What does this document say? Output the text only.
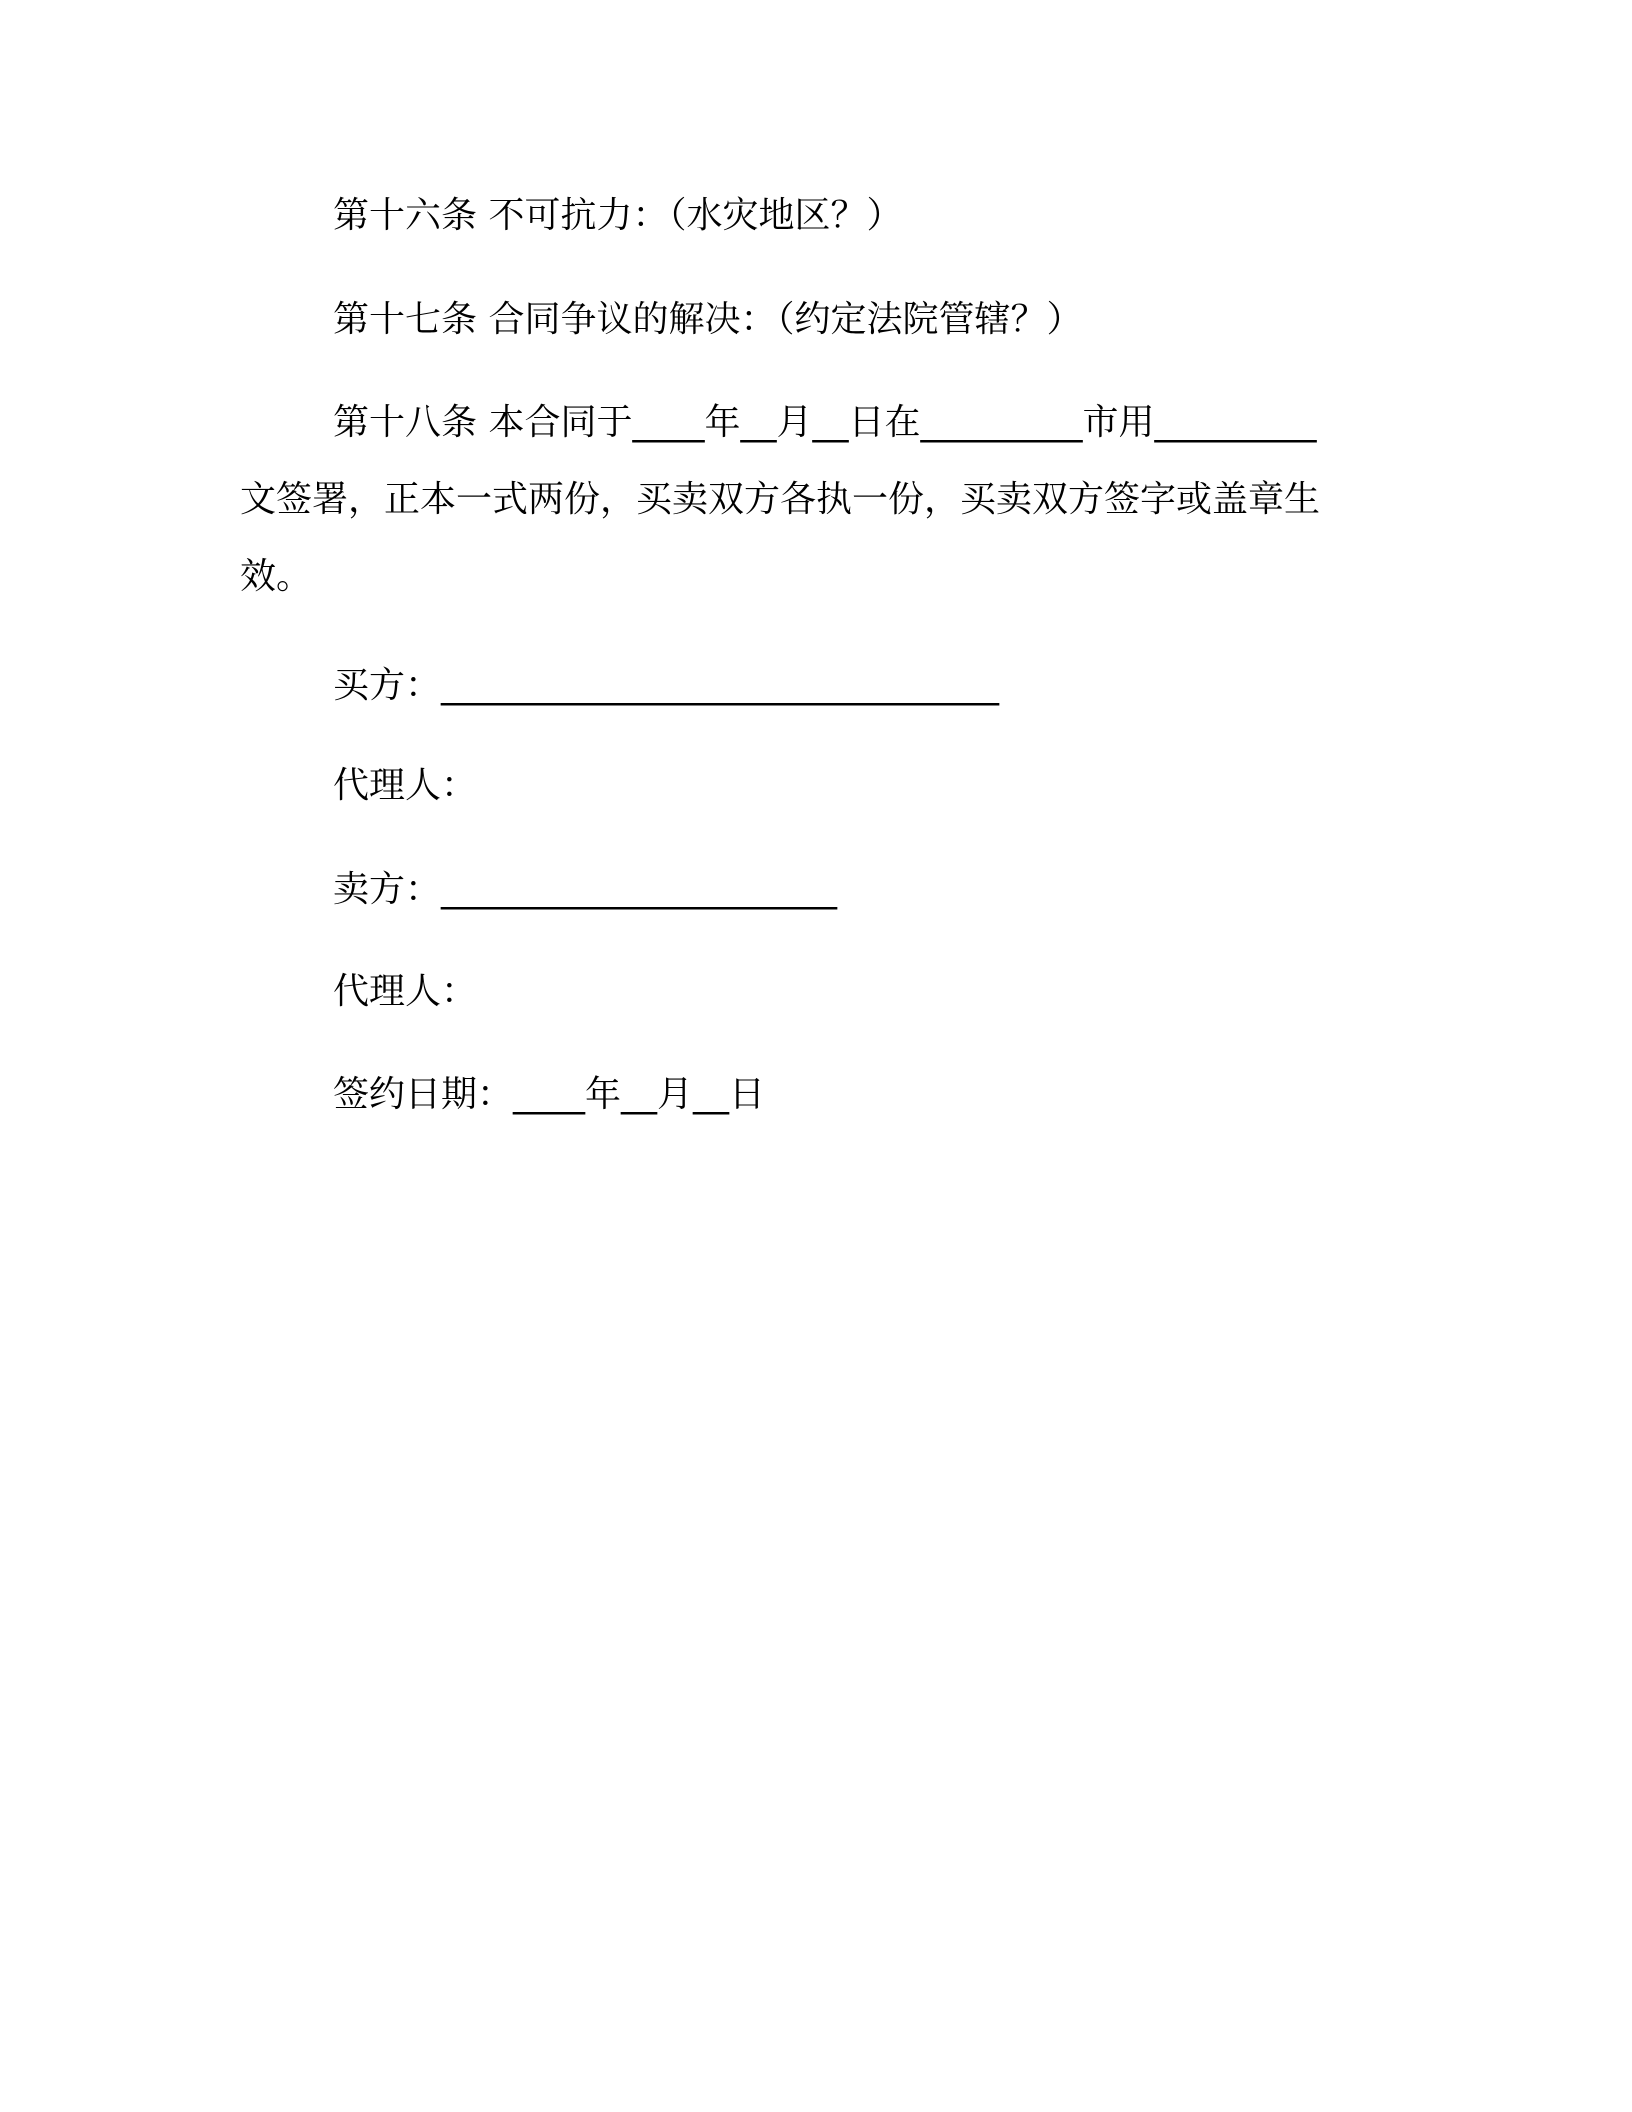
第十六条 不可抗力：（水灾地区？）
第十七条 合同争议的解决：（约定法院管辖？）
第十八条 本合同于____年__月__日在_________市用_________
文签署，正本一式两份，买卖双方各执一份，买卖双方签字或盖章生
效。
买方：_______________________________
代理人：
卖方：______________________
代理人：
签约日期：____年__月__日
